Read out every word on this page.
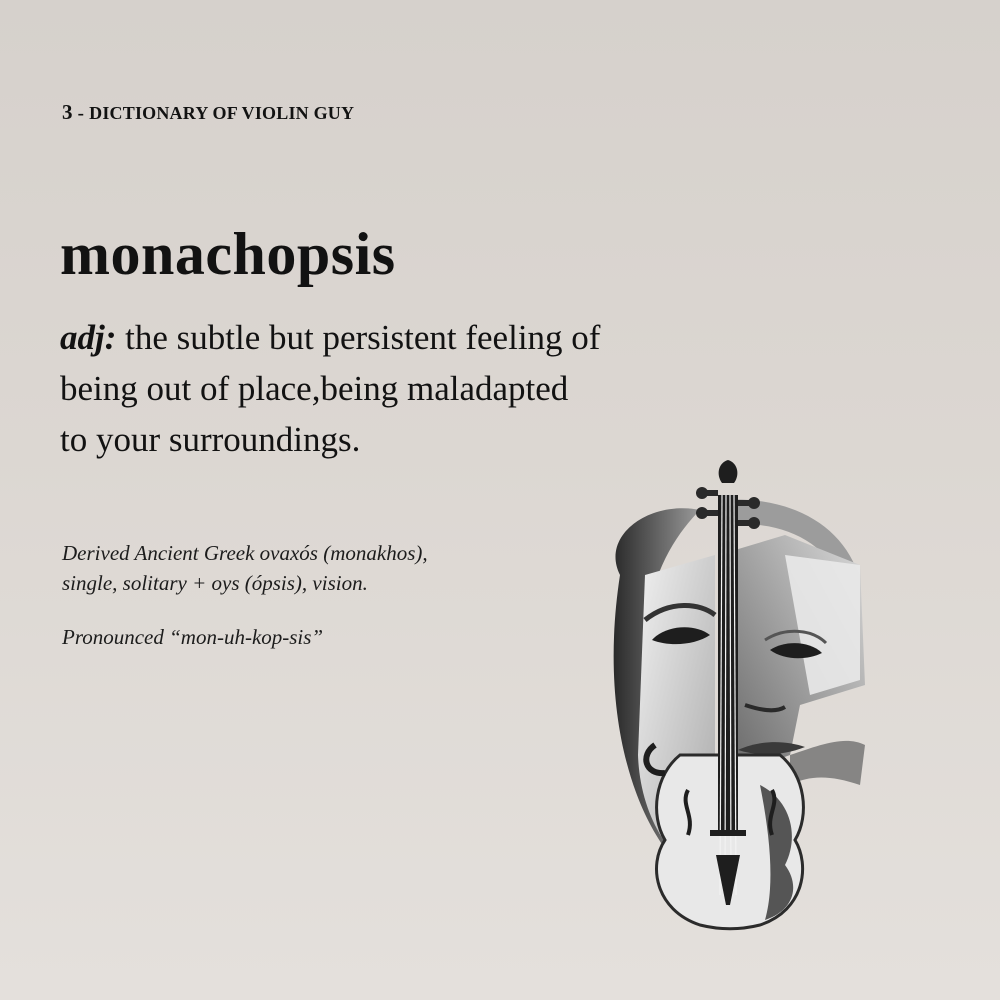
3 - DICTIONARY OF VIOLIN GUY
monachopsis
adj: the subtle but persistent feeling of
being out of place,being maladapted
to your surroundings.
Derived Ancient Greek ovaxós (monakhos),
single, solitary + oys (ópsis), vision.
Pronounced “mon-uh-kop-sis”
